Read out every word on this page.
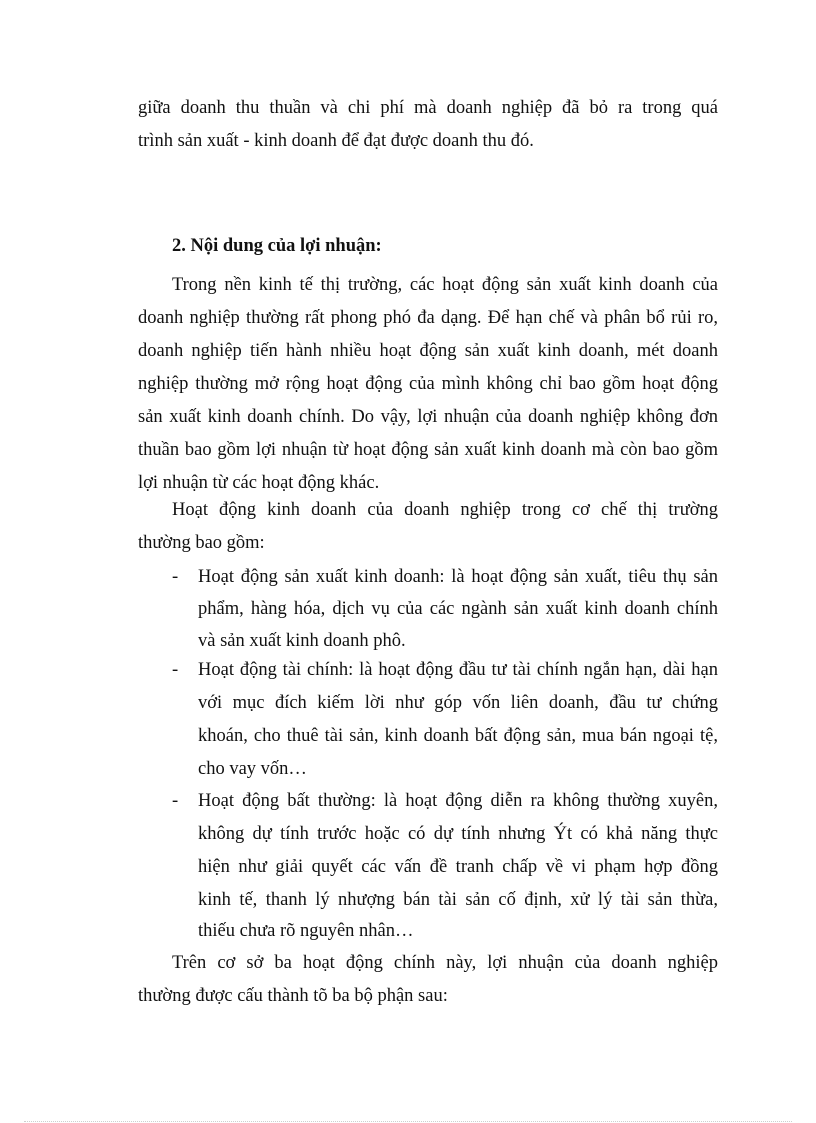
giữa doanh thu thuần và chi phí mà doanh nghiệp đã bỏ ra trong quá
trình sản xuất - kinh doanh để đạt được doanh thu đó.
2. Nội dung của lợi nhuận:
Trong nền kinh tế thị trường, các hoạt động sản xuất kinh doanh của
doanh nghiệp thường rất phong phó đa dạng. Để hạn chế và phân bổ rủi ro,
doanh nghiệp tiến hành nhiều hoạt động sản xuất kinh doanh, mét doanh
nghiệp thường mở rộng hoạt động của mình không chỉ bao gồm hoạt động
sản xuất kinh doanh chính. Do vậy, lợi nhuận của doanh nghiệp không đơn
thuần bao gồm lợi nhuận từ hoạt động sản xuất kinh doanh mà còn bao gồm
lợi nhuận từ các hoạt động khác.
Hoạt động kinh doanh của doanh nghiệp trong cơ chế thị trường
thường bao gồm:
- Hoạt động sản xuất kinh doanh: là hoạt động sản xuất, tiêu thụ sản
phẩm, hàng hóa, dịch vụ của các ngành sản xuất kinh doanh chính
và sản xuất kinh doanh phô.
- Hoạt động tài chính: là hoạt động đầu tư tài chính ngắn hạn, dài hạn
với mục đích kiếm lời như góp vốn liên doanh, đầu tư chứng
khoán, cho thuê tài sản, kinh doanh bất động sản, mua bán ngoại tệ,
cho vay vốn…
- Hoạt động bất thường: là hoạt động diễn ra không thường xuyên,
không dự tính trước hoặc có dự tính nhưng Ýt có khả năng thực
hiện như giải quyết các vấn đề tranh chấp về vi phạm hợp đồng
kinh tế, thanh lý nhượng bán tài sản cố định, xử lý tài sản thừa,
thiếu chưa rõ nguyên nhân…
Trên cơ sở ba hoạt động chính này, lợi nhuận của doanh nghiệp
thường được cấu thành tõ ba bộ phận sau:
